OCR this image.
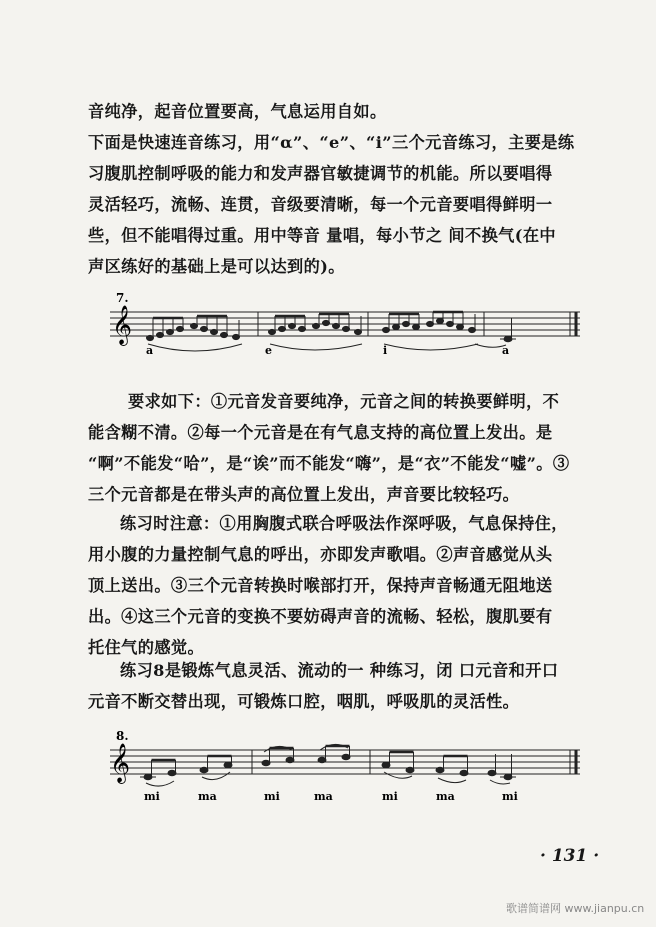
音纯净，起音位置要高，气息运用自如。
下面是快速连音练习，用“α”、“e”、“i”三个元音练习，主要是练
习腹肌控制呼吸的能力和发声器官敏捷调节的机能。所以要唱得
灵活轻巧，流畅、连贯，音级要清晰，每一个元音要唱得鲜明一
些，但不能唱得过重。用中等音 量唱，每小节之 间不换气(在中
声区练好的基础上是可以达到的)。
7.
𝄞
a	e	i	a
要求如下：①元音发音要纯净，元音之间的转换要鲜明，不
能含糊不清。②每一个元音是在有气息支持的高位置上发出。是
“啊”不能发“哈”，是“诶”而不能发“嗨”，是“衣”不能发“嘘”。③
三个元音都是在带头声的高位置上发出，声音要比较轻巧。
练习时注意：①用胸腹式联合呼吸法作深呼吸，气息保持住，
用小腹的力量控制气息的呼出，亦即发声歌唱。②声音感觉从头
顶上送出。③三个元音转换时喉部打开，保持声音畅通无阻地送
出。④这三个元音的变换不要妨碍声音的流畅、轻松，腹肌要有
托住气的感觉。
练习8是锻炼气息灵活、流动的一 种练习，闭 口元音和开口
元音不断交替出现，可锻炼口腔，咽肌，呼吸肌的灵活性。
8.
𝄞
mi	ma	mi	ma	mi	ma	mi
· 131 ·
歌谱简谱网 www.jianpu.cn
